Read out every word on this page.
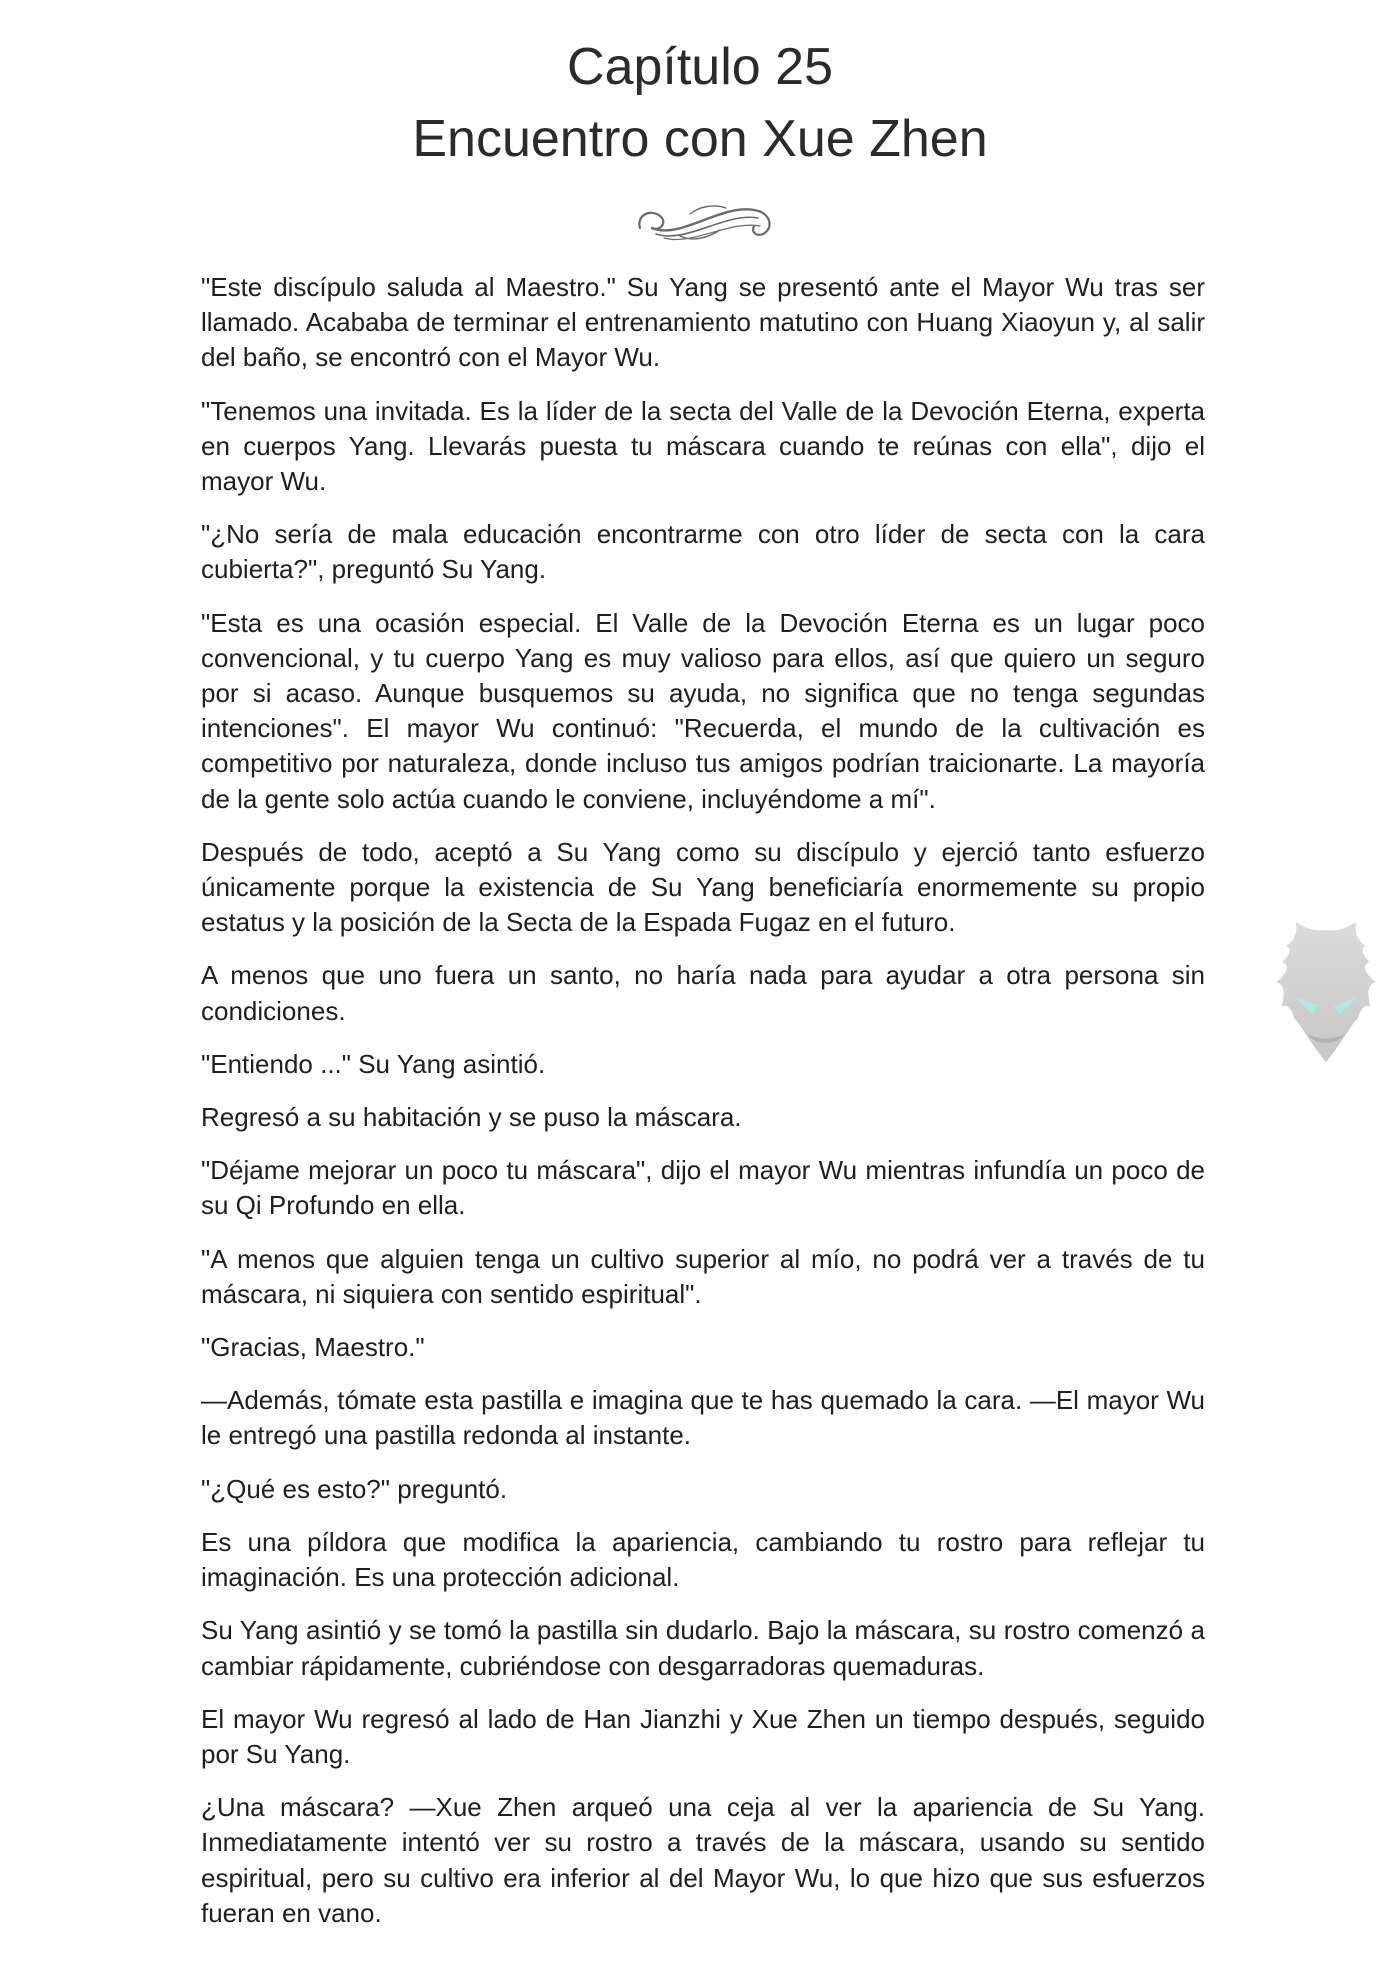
Capítulo 25
Encuentro con Xue Zhen

"Este discípulo saluda al Maestro." Su Yang se presentó ante el Mayor Wu tras ser llamado. Acababa de terminar el entrenamiento matutino con Huang Xiaoyun y, al salir del baño, se encontró con el Mayor Wu.

"Tenemos una invitada. Es la líder de la secta del Valle de la Devoción Eterna, experta en cuerpos Yang. Llevarás puesta tu máscara cuando te reúnas con ella", dijo el mayor Wu.

"¿No sería de mala educación encontrarme con otro líder de secta con la cara cubierta?", preguntó Su Yang.

"Esta es una ocasión especial. El Valle de la Devoción Eterna es un lugar poco convencional, y tu cuerpo Yang es muy valioso para ellos, así que quiero un seguro por si acaso. Aunque busquemos su ayuda, no significa que no tenga segundas intenciones". El mayor Wu continuó: "Recuerda, el mundo de la cultivación es competitivo por naturaleza, donde incluso tus amigos podrían traicionarte. La mayoría de la gente solo actúa cuando le conviene, incluyéndome a mí".

Después de todo, aceptó a Su Yang como su discípulo y ejerció tanto esfuerzo únicamente porque la existencia de Su Yang beneficiaría enormemente su propio estatus y la posición de la Secta de la Espada Fugaz en el futuro.

A menos que uno fuera un santo, no haría nada para ayudar a otra persona sin condiciones.

"Entiendo ..." Su Yang asintió.

Regresó a su habitación y se puso la máscara.

"Déjame mejorar un poco tu máscara", dijo el mayor Wu mientras infundía un poco de su Qi Profundo en ella.

"A menos que alguien tenga un cultivo superior al mío, no podrá ver a través de tu máscara, ni siquiera con sentido espiritual".

"Gracias, Maestro."

—Además, tómate esta pastilla e imagina que te has quemado la cara. —El mayor Wu le entregó una pastilla redonda al instante.

"¿Qué es esto?" preguntó.

Es una píldora que modifica la apariencia, cambiando tu rostro para reflejar tu imaginación. Es una protección adicional.

Su Yang asintió y se tomó la pastilla sin dudarlo. Bajo la máscara, su rostro comenzó a cambiar rápidamente, cubriéndose con desgarradoras quemaduras.

El mayor Wu regresó al lado de Han Jianzhi y Xue Zhen un tiempo después, seguido por Su Yang.

¿Una máscara? —Xue Zhen arqueó una ceja al ver la apariencia de Su Yang. Inmediatamente intentó ver su rostro a través de la máscara, usando su sentido espiritual, pero su cultivo era inferior al del Mayor Wu, lo que hizo que sus esfuerzos fueran en vano.
